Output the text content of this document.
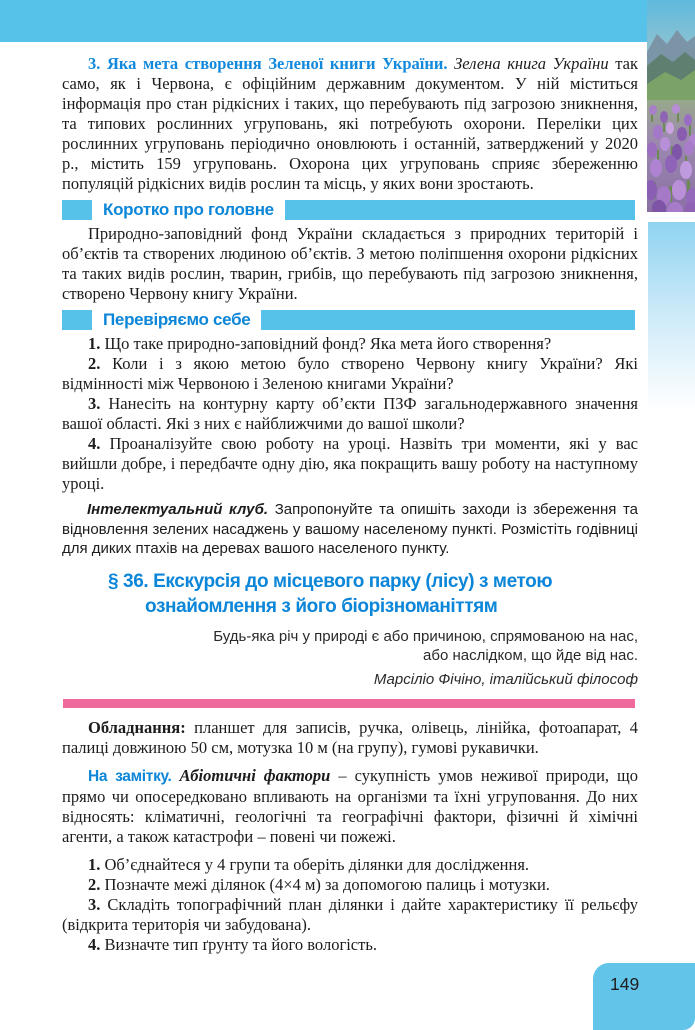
3. Яка мета створення Зеленої книги України. Зелена книга України так само, як і Червона, є офіційним державним документом. У ній міститься інформація про стан рідкісних і таких, що перебувають під загрозою зникнення, та типових рослинних угруповань, які потребують охорони. Переліки цих рослинних угруповань періодично оновлюють і останній, затверджений у 2020 р., містить 159 угруповань. Охорона цих угруповань сприяє збереженню популяцій рідкісних видів рослин та місць, у яких вони зростають.

Коротко про головне

Природно-заповідний фонд України складається з природних територій і об’єктів та створених людиною об’єктів. З метою поліпшення охорони рідкісних та таких видів рослин, тварин, грибів, що перебувають під загрозою зникнення, створено Червону книгу України.

Перевіряємо себе

1. Що таке природно-заповідний фонд? Яка мета його створення?

2. Коли і з якою метою було створено Червону книгу України? Які відмінності між Червоною і Зеленою книгами України?

3. Нанесіть на контурну карту об’єкти ПЗФ загальнодержавного значення вашої області. Які з них є найближчими до вашої школи?

4. Проаналізуйте свою роботу на уроці. Назвіть три моменти, які у вас вийшли добре, і передбачте одну дію, яка покращить вашу роботу на наступному уроці.

Інтелектуальний клуб. Запропонуйте та опишіть заходи із збереження та відновлення зелених насаджень у вашому населеному пункті. Розмістіть годівниці для диких птахів на деревах вашого населеного пункту.

§ 36. Екскурсія до місцевого парку (лісу) з метою ознайомлення з його біорізноманіттям
Будь-яка річ у природі є або причиною, спрямованою на нас,
або наслідком, що йде від нас.
Марсіліо Фічіно, італійський філософ

Обладнання: планшет для записів, ручка, олівець, лінійка, фотоапарат, 4 палиці довжиною 50 см, мотузка 10 м (на групу), гумові рукавички.

На замітку. Абіотичні фактори – сукупність умов неживої природи, що прямо чи опосередковано впливають на організми та їхні угруповання. До них відносять: кліматичні, геологічні та географічні фактори, фізичні й хімічні агенти, а також катастрофи – повені чи пожежі.

1. Об’єднайтеся у 4 групи та оберіть ділянки для дослідження.

2. Позначте межі ділянок (4×4 м) за допомогою палиць і мотузки.

3. Складіть топографічний план ділянки і дайте характеристику її рельєфу (відкрита територія чи забудована).

4. Визначте тип ґрунту та його вологість.

149
